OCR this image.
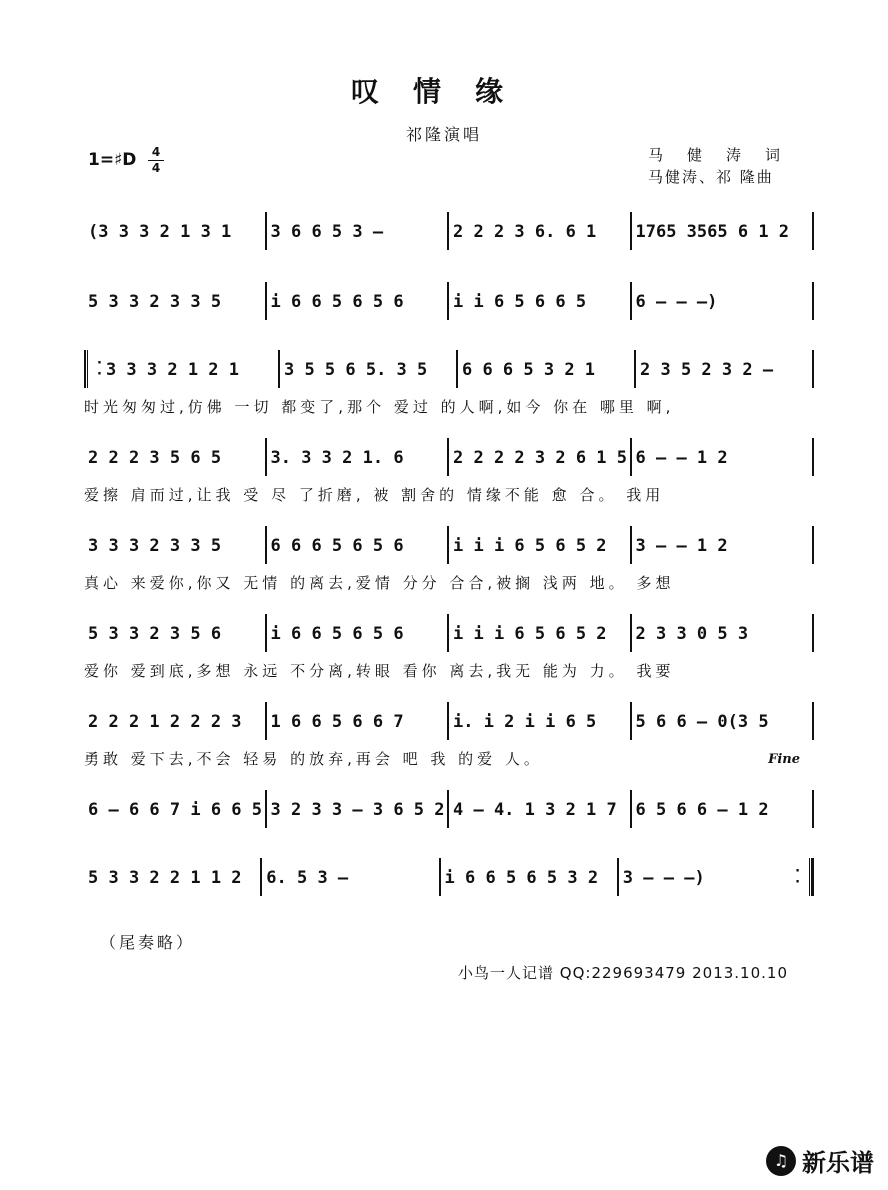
叹情缘
祁隆演唱
1=♯D	4
4
马健涛词
马健涛、祁 隆曲
(3 3 3 2 1 3 1	3 6 6 5 3 –	2 2 2 3 6. 6 1	1765 3565 6 1 2
5 3 3 2 3 3 5	i 6 6 5 6 5 6	i i 6 5 6 6 5	6 – – –)
·
· 3 3 3 2 1 2 1	3 5 5 6 5. 3 5	6 6 6 5 3 2 1	2 3 5 2 3 2 –
时光匆匆过,仿佛 一切 都变了,那个 爱过 的人啊,如今 你在 哪里 啊,
2 2 2 3 5 6 5	3. 3 3 2 1. 6	2 2 2 2 3 2 6 1 5 6 – – 1 2
爱擦 肩而过,让我 受 尽 了折磨, 被 割舍的 情缘不能 愈 合。 我用
3 3 3 2 3 3 5	6 6 6 5 6 5 6	i i i 6 5 6 5 2	3 – – 1 2
真心 来爱你,你又 无情 的离去,爱情 分分 合合,被搁 浅两 地。 多想
5 3 3 2 3 5 6	i 6 6 5 6 5 6	i i i 6 5 6 5 2	2 3 3 0 5 3
爱你 爱到底,多想 永远 不分离,转眼 看你 离去,我无 能为 力。 我要
2 2 2 1 2 2 2 3	1 6 6 5 6 6 7	i. i 2 i i 6 5	5 6 6 – 0(3 5
勇敢 爱下去,不会 轻易 的放弃,再会 吧 我 的爱 人。
6 – 6 6 7 i 6 6 5 3 2 3 3 – 3 6 5 2 4 – 4. 1 3 2 1 7	6 5 6 6 – 1 2
5 3 3 2 2 1 1 2	6. 5 3 –	i 6 6 5 6 5 3 2	3 – – –)	·
·
Fine
（尾奏略）
小鸟一人记谱 QQ:229693479 2013.10.10
♫ 新乐谱
